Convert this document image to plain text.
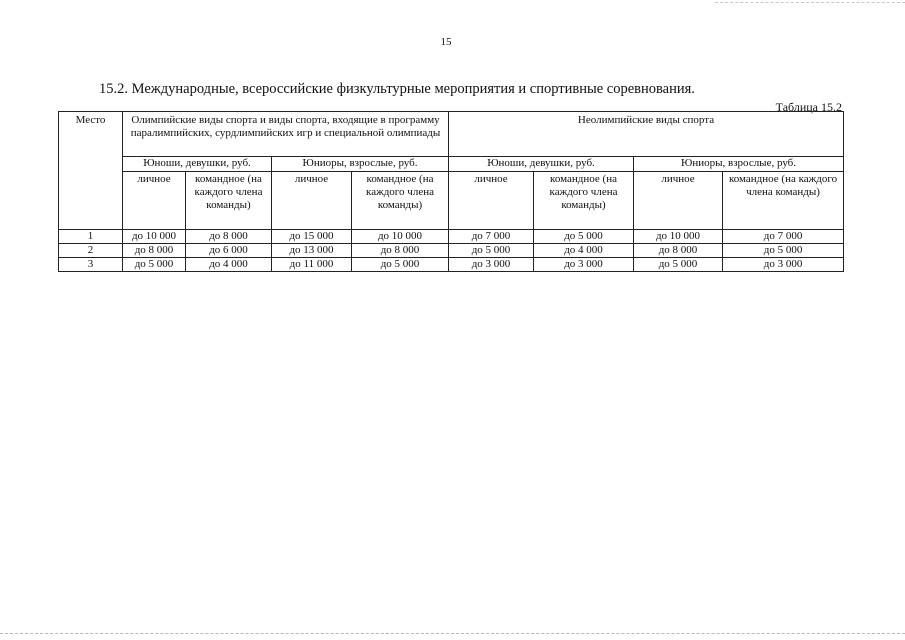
15
15.2. Международные, всероссийские физкультурные мероприятия и спортивные соревнования.
Таблица 15.2
Место	Олимпийские виды спорта и виды спорта, входящие в программу паралимпийских, сурдлимпийских игр и специальной олимпиады				Неолимпийские виды спорта			
	Юноши, девушки, руб.		Юниоры, взрослые, руб.		Юноши, девушки, руб.		Юниоры, взрослые, руб.	
	личное	командное (на каждого члена команды)	личное	командное (на каждого члена команды)	личное	командное (на каждого члена команды)	личное	командное (на каждого члена команды)
1	до 10 000	до 8 000	до 15 000	до 10 000	до 7 000	до 5 000	до 10 000	до 7 000
2	до 8 000	до 6 000	до 13 000	до 8 000	до 5 000	до 4 000	до 8 000	до 5 000
3	до 5 000	до 4 000	до 11 000	до 5 000	до 3 000	до 3 000	до 5 000	до 3 000
